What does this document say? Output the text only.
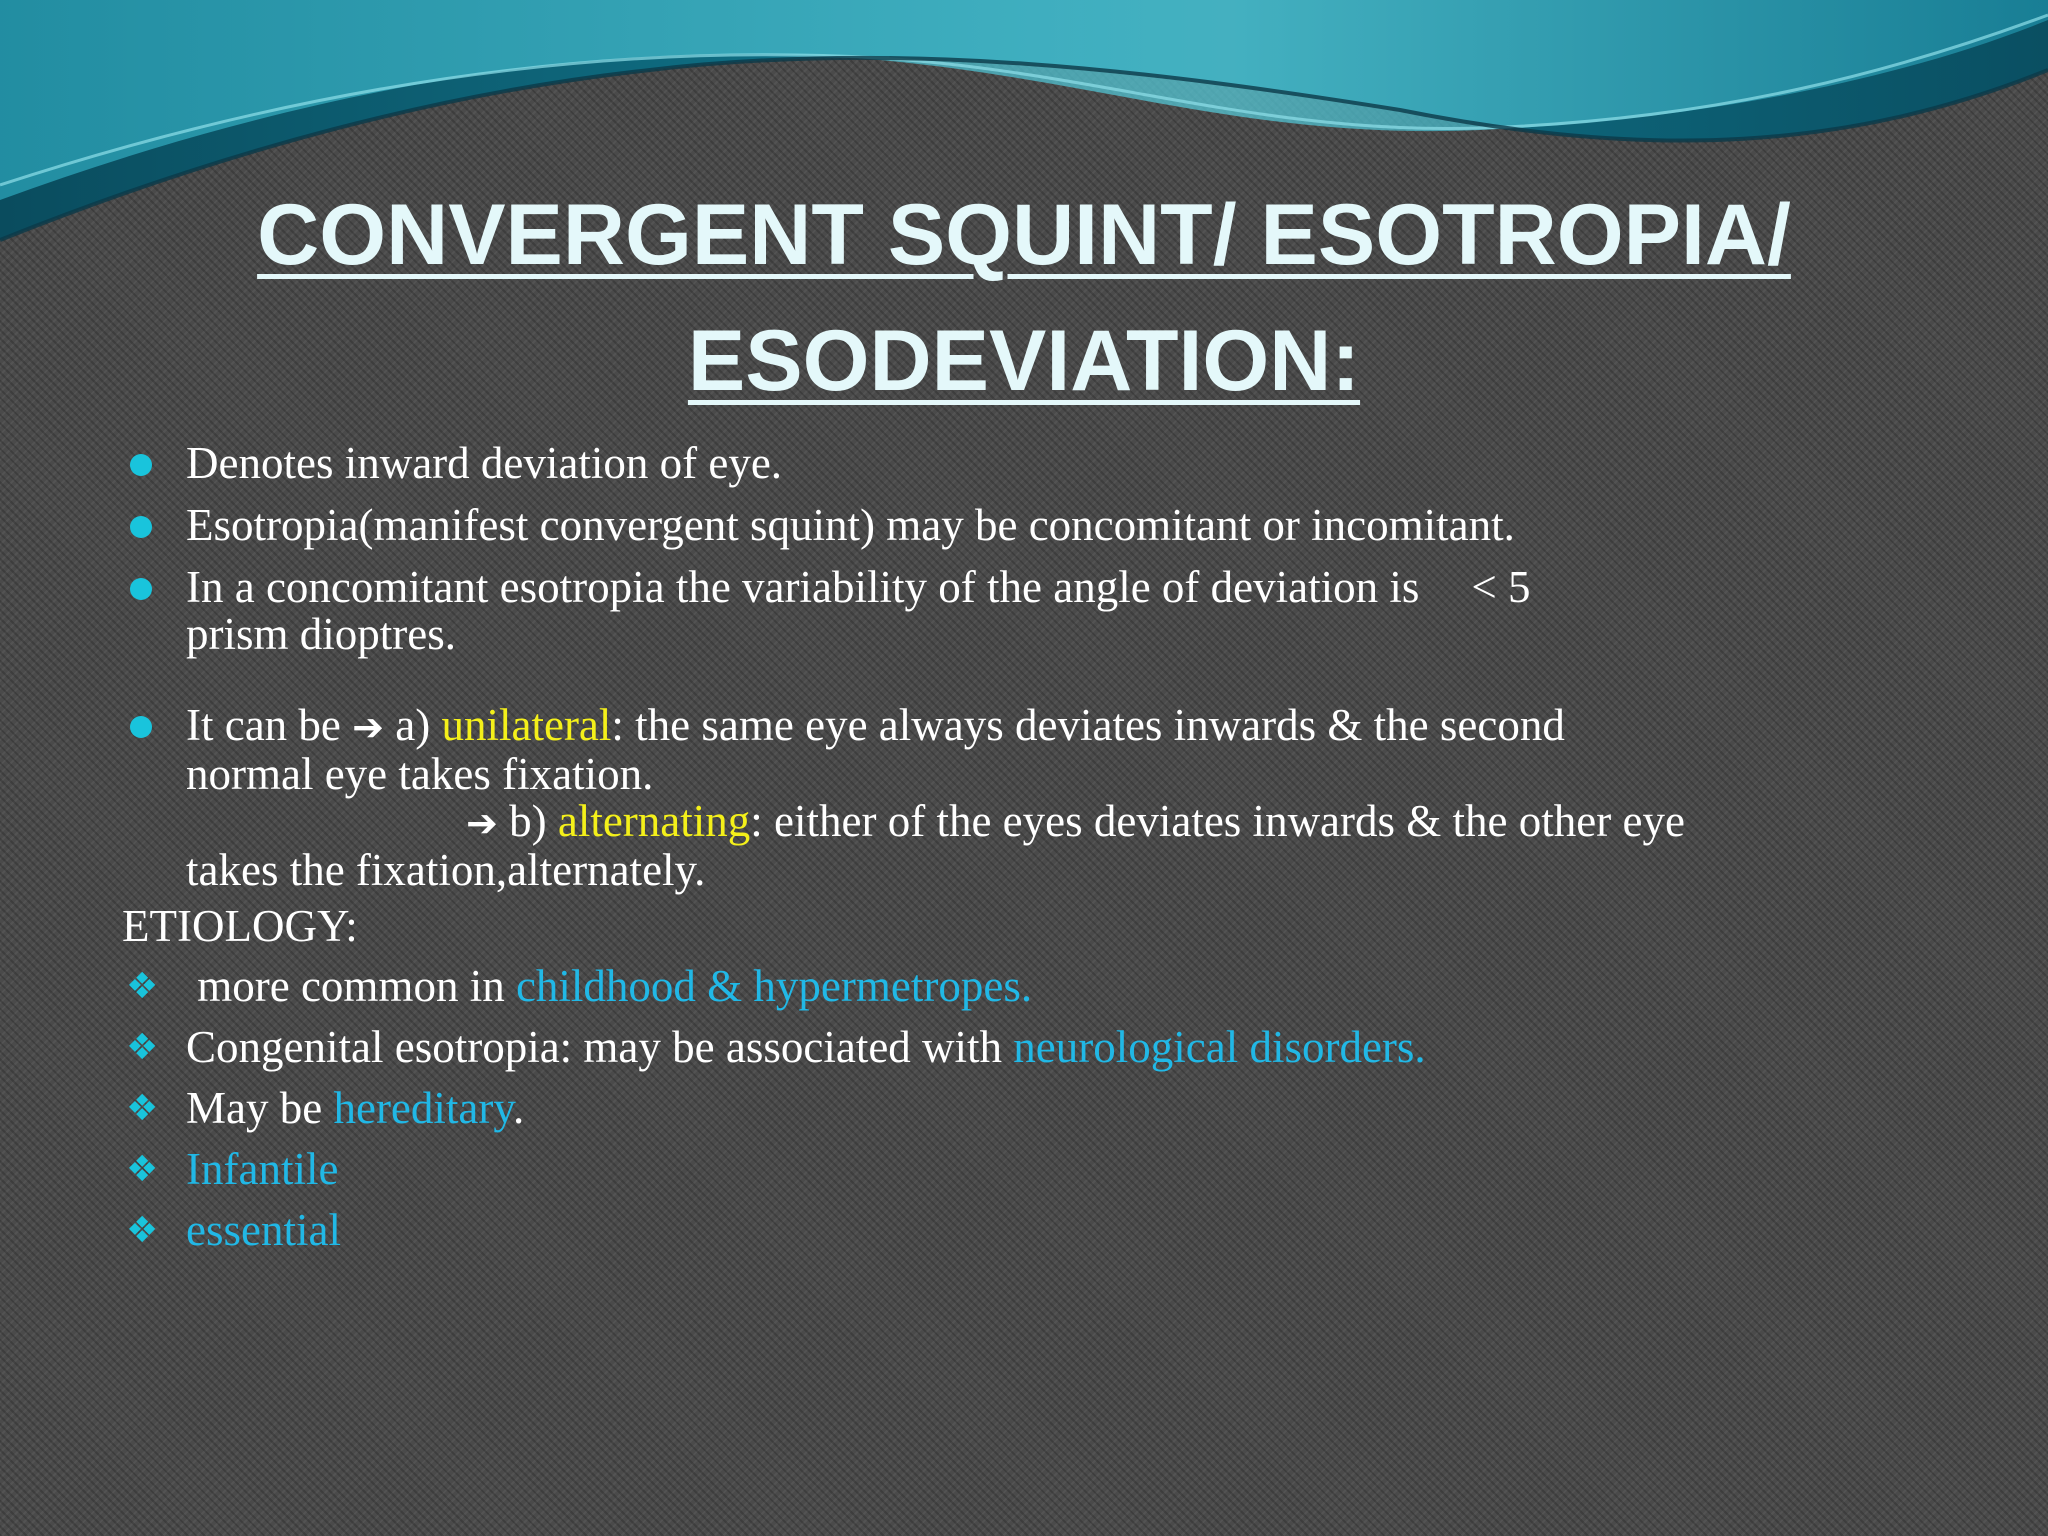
CONVERGENT SQUINT/ ESOTROPIA/
ESODEVIATION:
Denotes inward deviation of eye.
Esotropia(manifest convergent squint) may be concomitant or incomitant.
In a concomitant esotropia the variability of the angle of deviation is < 5
prism dioptres.
It can be ➔ a) unilateral: the same eye always deviates inwards & the second
normal eye takes fixation.
➔ b) alternating: either of the eyes deviates inwards & the other eye
takes the fixation,alternately.
ETIOLOGY:
❖ more common in childhood & hypermetropes.
❖ Congenital esotropia: may be associated with neurological disorders.
❖ May be hereditary.
❖ Infantile
❖ essential
